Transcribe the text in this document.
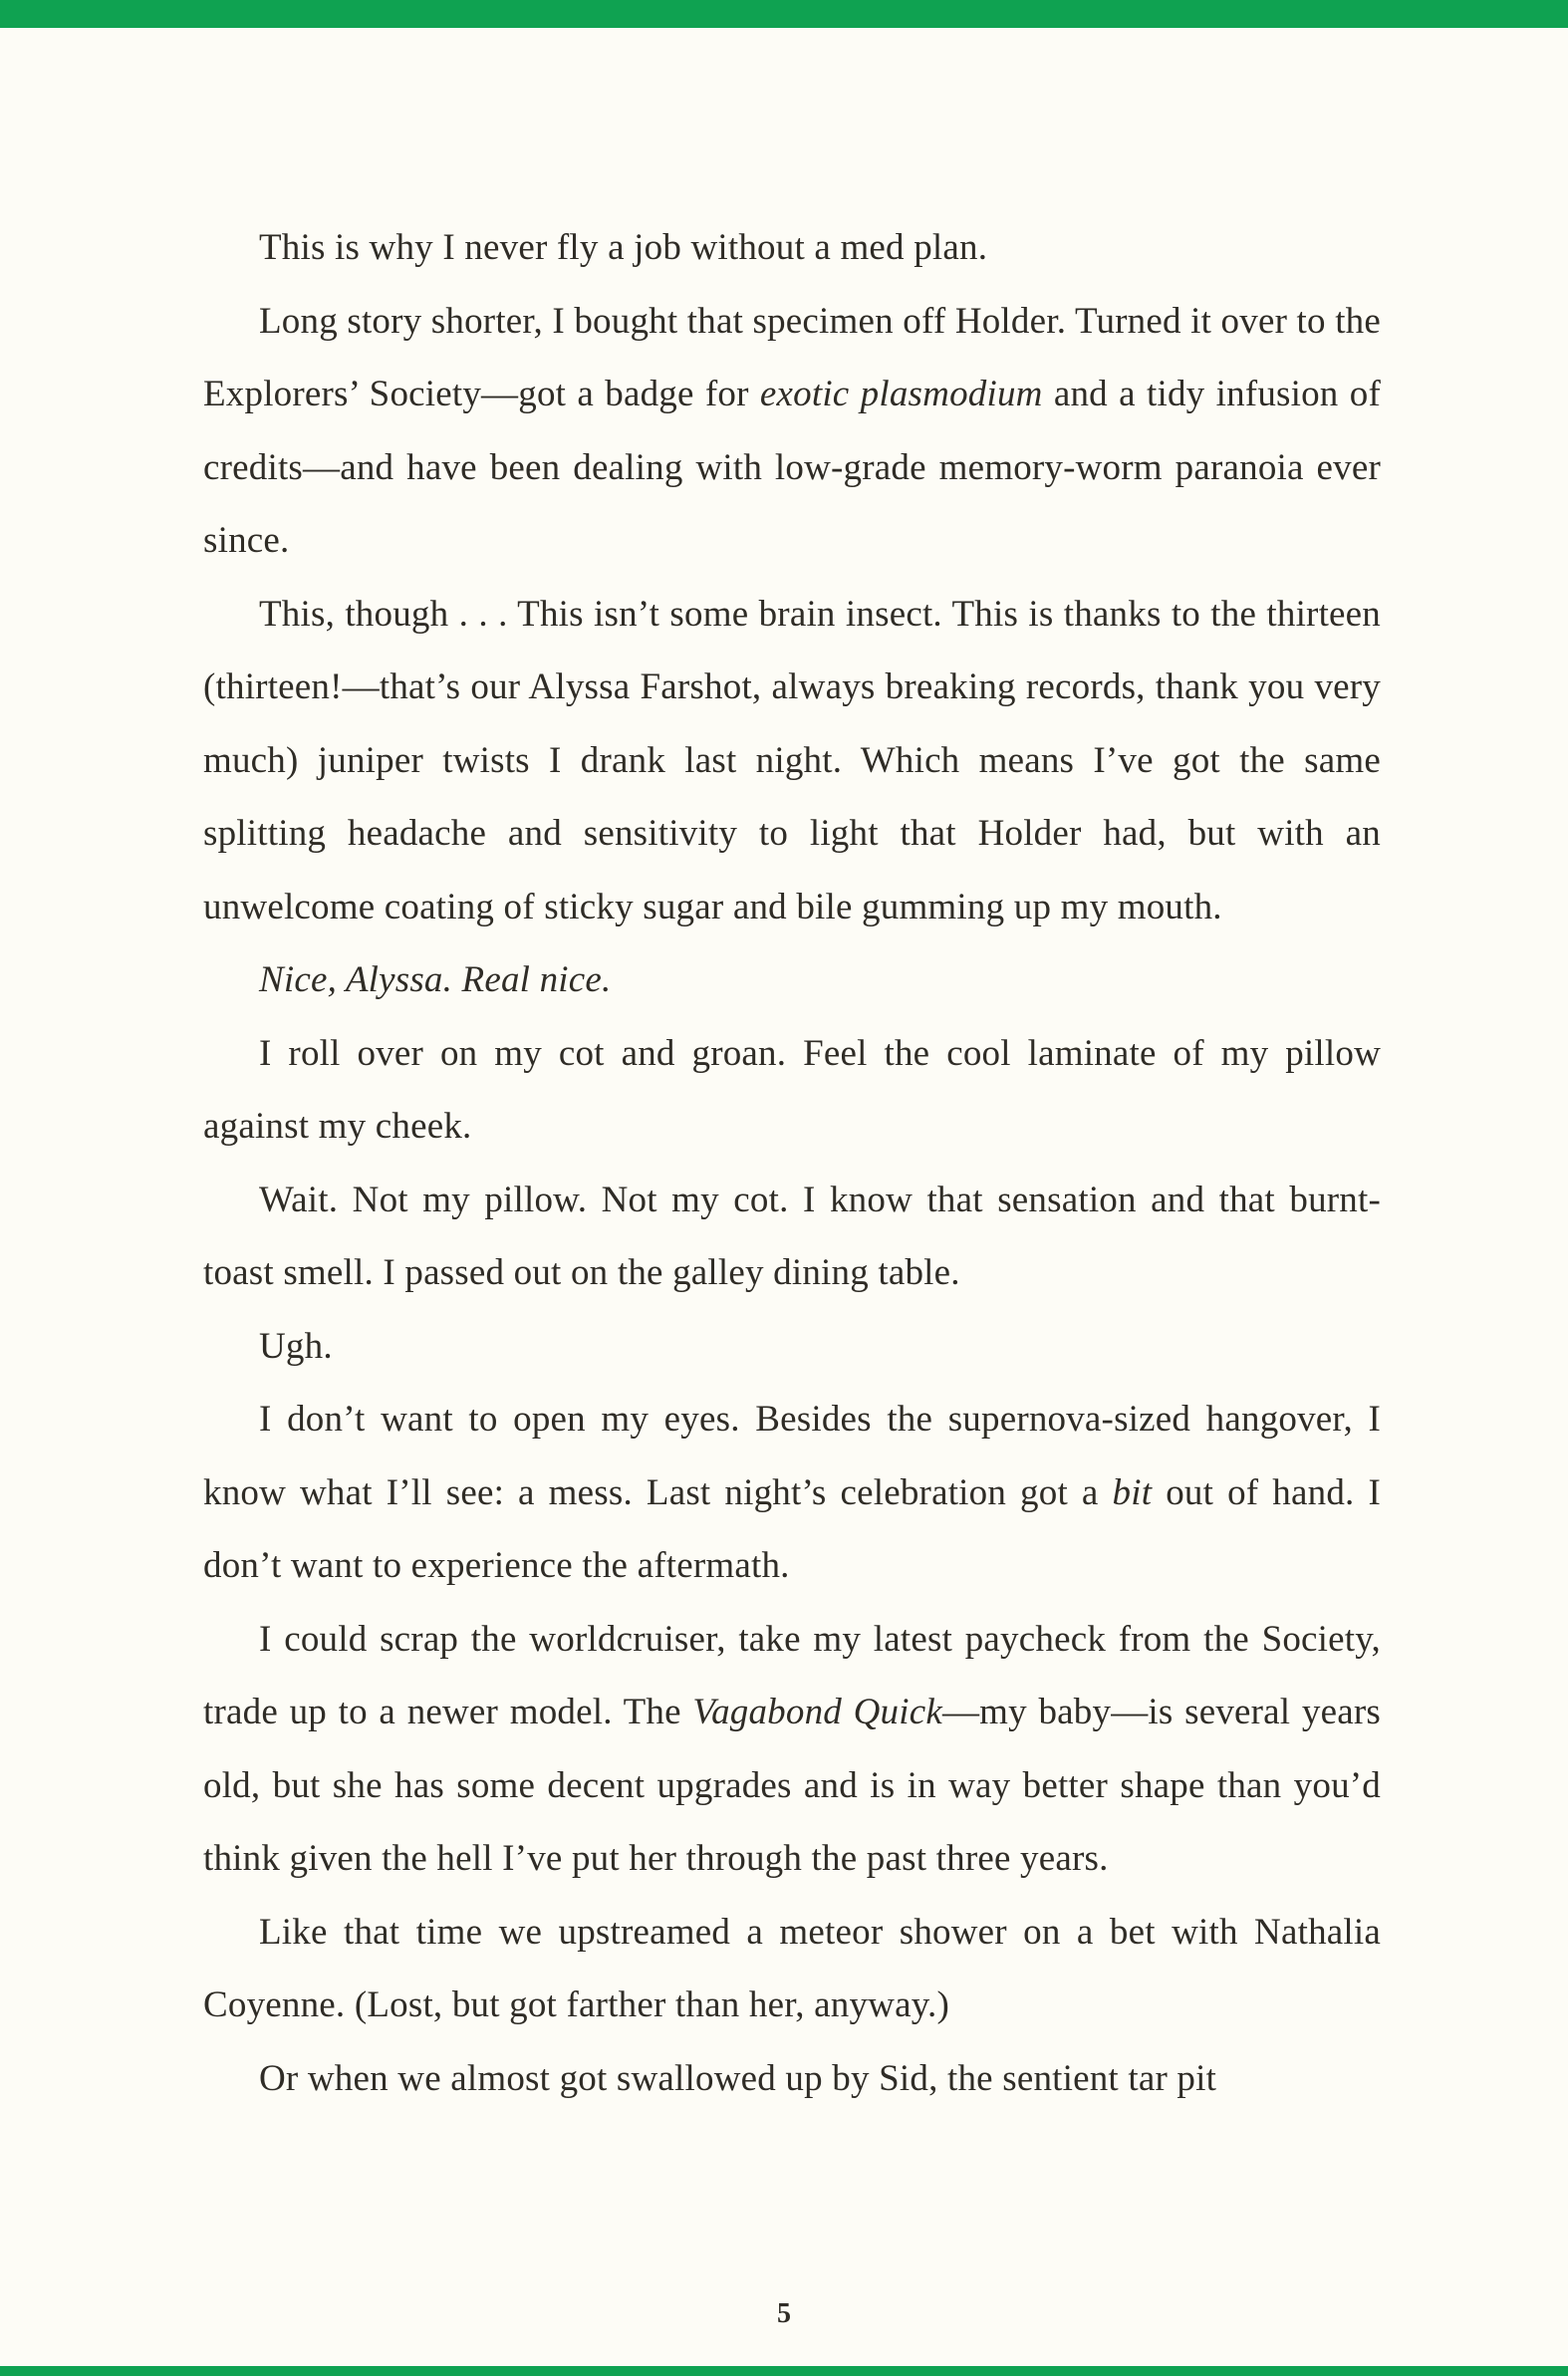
This is why I never fly a job without a med plan.

Long story shorter, I bought that specimen off Holder. Turned it over to the Explorers’ Society—got a badge for exotic plasmodium and a tidy infusion of credits—and have been dealing with low-grade memory-worm paranoia ever since.

This, though . . . This isn’t some brain insect. This is thanks to the thirteen (thirteen!—that’s our Alyssa Farshot, always breaking records, thank you very much) juniper twists I drank last night. Which means I’ve got the same splitting headache and sensitivity to light that Holder had, but with an unwelcome coating of sticky sugar and bile gumming up my mouth.

Nice, Alyssa. Real nice.

I roll over on my cot and groan. Feel the cool laminate of my pillow against my cheek.

Wait. Not my pillow. Not my cot. I know that sensation and that burnt-toast smell. I passed out on the galley dining table.

Ugh.

I don’t want to open my eyes. Besides the supernova-sized hangover, I know what I’ll see: a mess. Last night’s celebration got a bit out of hand. I don’t want to experience the aftermath.

I could scrap the worldcruiser, take my latest paycheck from the Society, trade up to a newer model. The Vagabond Quick—my baby—is several years old, but she has some decent upgrades and is in way better shape than you’d think given the hell I’ve put her through the past three years.

Like that time we upstreamed a meteor shower on a bet with Nathalia Coyenne. (Lost, but got farther than her, anyway.)

Or when we almost got swallowed up by Sid, the sentient tar pit

5
